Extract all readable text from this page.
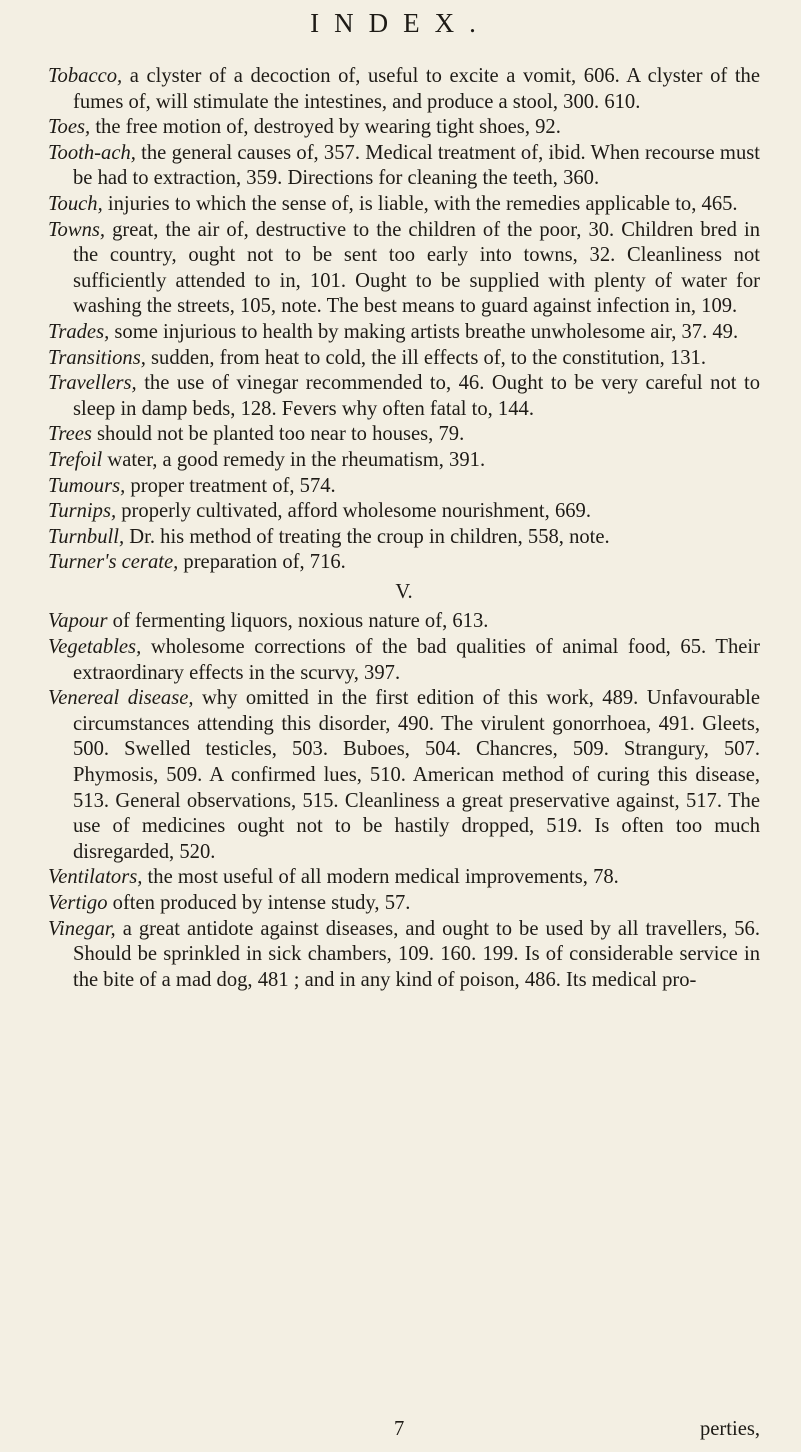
INDEX.

Tobacco, a clyster of a decoction of, useful to excite a vomit, 606. A clyster of the fumes of, will stimulate the intestines, and produce a stool, 300. 610.

Toes, the free motion of, destroyed by wearing tight shoes, 92.

Tooth-ach, the general causes of, 357. Medical treatment of, ibid. When recourse must be had to extraction, 359. Directions for cleaning the teeth, 360.

Touch, injuries to which the sense of, is liable, with the remedies applicable to, 465.

Towns, great, the air of, destructive to the children of the poor, 30. Children bred in the country, ought not to be sent too early into towns, 32. Cleanliness not sufficiently attended to in, 101. Ought to be supplied with plenty of water for washing the streets, 105, note. The best means to guard against infection in, 109.

Trades, some injurious to health by making artists breathe unwholesome air, 37. 49.

Transitions, sudden, from heat to cold, the ill effects of, to the constitution, 131.

Travellers, the use of vinegar recommended to, 46. Ought to be very careful not to sleep in damp beds, 128. Fevers why often fatal to, 144.

Trees should not be planted too near to houses, 79.

Trefoil water, a good remedy in the rheumatism, 391.

Tumours, proper treatment of, 574.

Turnips, properly cultivated, afford wholesome nourishment, 669.

Turnbull, Dr. his method of treating the croup in children, 558, note.

Turner's cerate, preparation of, 716.

V.

Vapour of fermenting liquors, noxious nature of, 613.

Vegetables, wholesome corrections of the bad qualities of animal food, 65. Their extraordinary effects in the scurvy, 397.

Venereal disease, why omitted in the first edition of this work, 489. Unfavourable circumstances attending this disorder, 490. The virulent gonorrhoea, 491. Gleets, 500. Swelled testicles, 503. Buboes, 504. Chancres, 509. Strangury, 507. Phymosis, 509. A confirmed lues, 510. American method of curing this disease, 513. General observations, 515. Cleanliness a great preservative against, 517. The use of medicines ought not to be hastily dropped, 519. Is often too much disregarded, 520.

Ventilators, the most useful of all modern medical improvements, 78.

Vertigo often produced by intense study, 57.

Vinegar, a great antidote against diseases, and ought to be used by all travellers, 56. Should be sprinkled in sick chambers, 109. 160. 199. Is of considerable service in the bite of a mad dog, 481 ; and in any kind of poison, 486. Its medical pro-

7	perties,
